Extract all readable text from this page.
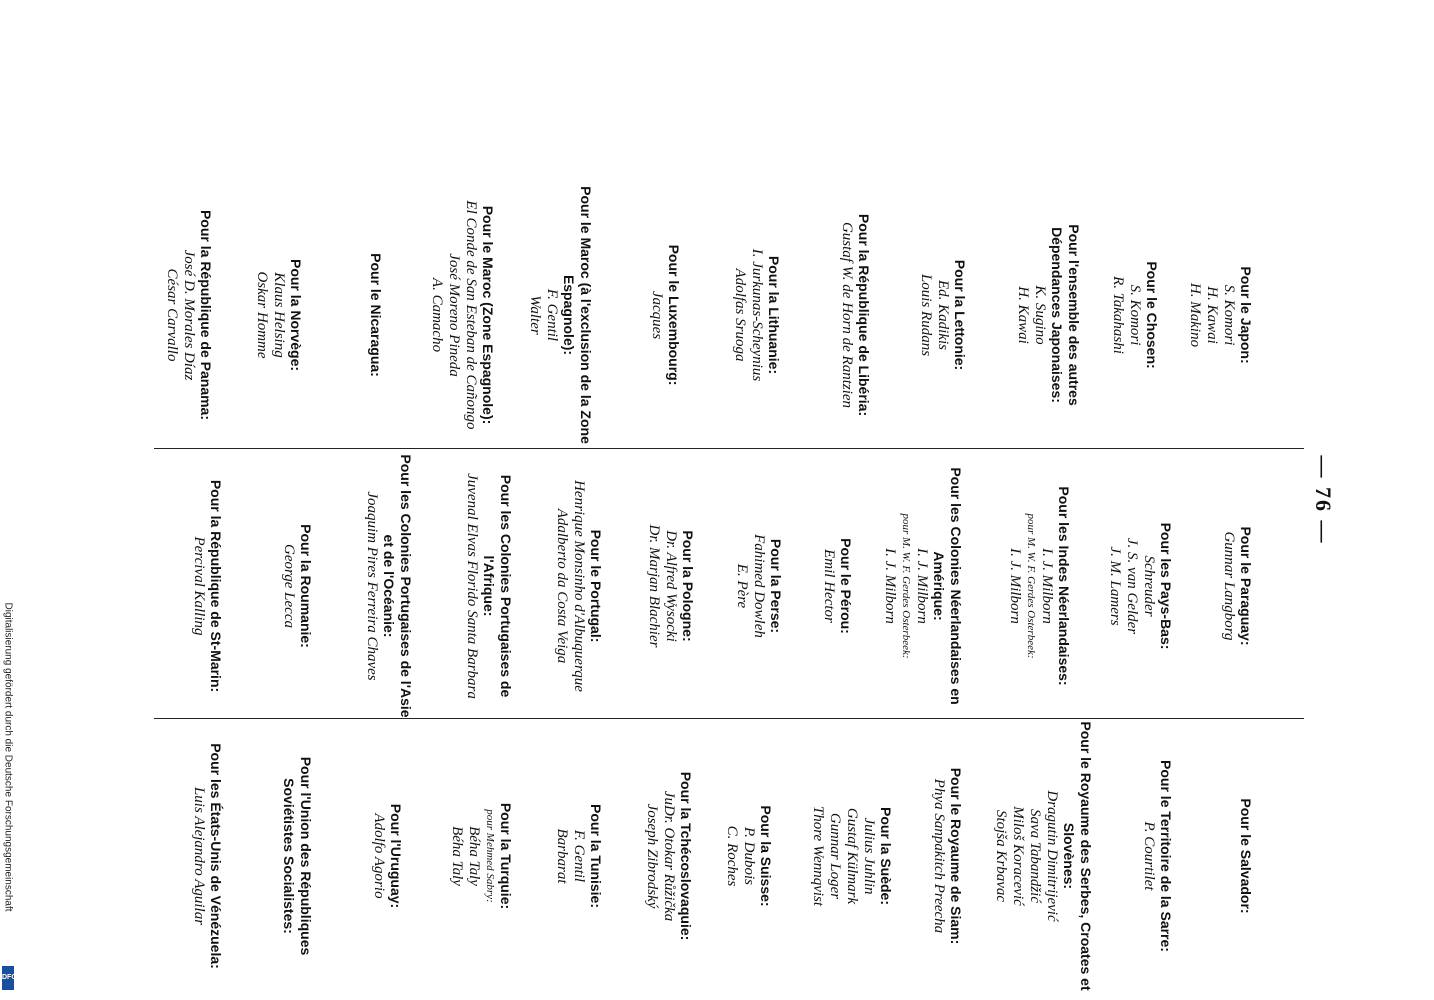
— 76 —
Pour le Japon:
S. Komori
H. Kawai
H. Makino
Pour le Chosen:
S. Komori
R. Takahashi
Pour l'ensemble des autres Dépendances Japonaises:
K. Sugino
H. Kawai
Pour la Lettonie:
Ed. Kadikis
Louis Rudans
Pour la République de Libéria:
Gustaf W. de Horn de Rantzien
Pour la Lithuanie:
I. Jurkunas-Scheynius
Adolfas Sruoga
Pour le Luxembourg:
Jacques
Pour le Maroc (à l'exclusion de la Zone Espagnole):
F. Gentil
Walter
Pour le Maroc (Zone Espagnole):
El Conde de San Esteban de Cañongo
José Moreno Pineda
A. Camacho
Pour le Nicaragua:
Pour la Norvège:
Klaus Helsing
Oskar Homme
Pour la République de Panama:
José D. Morales Díaz
César Carvallo
Pour le Paraguay:
Gunnar Langborg
Pour les Pays-Bas:
Schreuder
J. S. van Gelder
J. M. Lamers
Pour les Indes Néerlandaises:
I. J. Milborn
pour M. W. F. Gerdes Osterbeek:
I. J. Milborn
Pour les Colonies Néerlandaises en Amérique:
I. J. Milborn
pour M. W. F. Gerdes Osterbeek:
I. J. Milborn
Pour le Pérou:
Emil Hector
Pour la Perse:
Fahimed Dowleh
E. Père
Pour la Pologne:
Dr. Alfred Wysocki
Dr. Marjan Blachier
Pour le Portugal:
Henrique Monsinho d'Albuquerque
Adalberto da Costa Veiga
Pour les Colonies Portugaises de l'Afrique:
Juvenal Elvas Florido Santa Barbara
Pour les Colonies Portugaises de l'Asie et de l'Océanie:
Joaquim Pires Ferreira Chaves
Pour la Roumanie:
George Lecca
Pour la République de St-Marin:
Percival Kalling
Pour le Salvador:
Pour le Territoire de la Sarre:
P. Courtilet
Pour le Royaume des Serbes, Croates et Slovènes:
Dragutin Dimitrijević
Sava Tabandžić
Miloš Koracević
Stojša Krbavac
Pour le Royaume de Siam:
Phya Sanpakitch Preecha
Pour la Suède:
Julius Juhlin
Gustaf Külmark
Gunnar Loger
Thore Wennqvist
Pour la Suisse:
P. Dubois
C. Roches
Pour la Tchécoslovaquie:
JuDr. Otokar Růžička
Joseph Zibrodský
Pour la Tunisie:
F. Gentil
Barbarat
Pour la Turquie:
pour Mehmed Sabry:
Béha Taly
Béha Taly
Pour l'Uruguay:
Adolfo Agorio
Pour l'Union des Républiques Soviétistes Socialistes:
Pour les États-Unis de Vénézuela:
Luis Alejandro Aguilar
Digitalisierung gefördert durch die Deutsche Forschungsgemeinschaft
DFG
